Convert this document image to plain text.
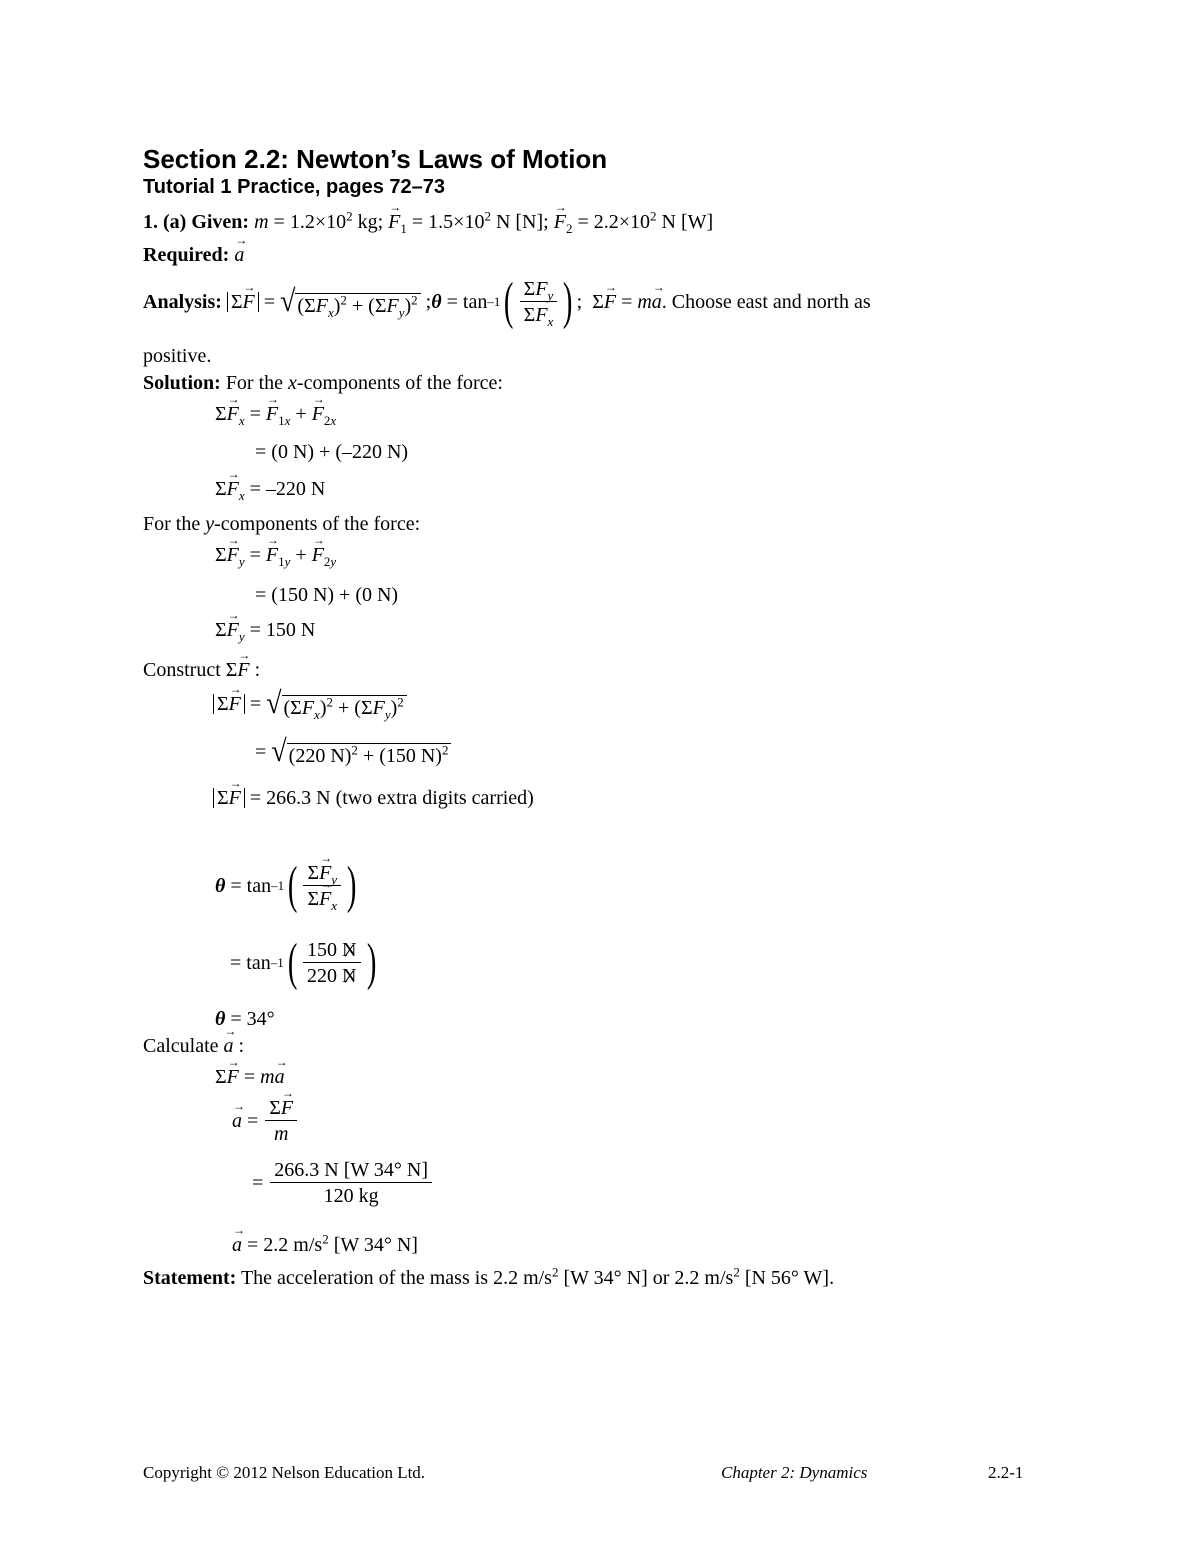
Section 2.2: Newton’s Laws of Motion
Tutorial 1 Practice, pages 72–73
1. (a) Given: $m = 1.2\times 10^2$ kg; → $F_1 = 1.5\times 10^2$ N [N]; → $F_2 = 2.2\times 10^2$ N [W]
Required: → a
Analysis:
Σ→ F = √ $(\Sigma F_x)^2 + (\Sigma F_y)^2$ ; θ = tan –1 ( $\frac{\Sigma F_y}{\Sigma F_x}$ ) ;  Σ → F = m → a . Choose east and north as
positive.
Solution: For the x-components of the force:
$\Sigma\to F_x$ = → $F_{1x}$ + → $F_{2x}$
= (0 N) + (–220 N)
$\Sigma\to F_x = -220$ N
For the y-components of the force:
$\Sigma\to F_y$ = → $F_{1y}$ + → $F_{2y}$
= (150 N) + (0 N)
$\Sigma\to F_y = 150$ N
Construct Σ→ F :
Σ→ F = √ $(\Sigma F_x)^2 + (\Sigma F_y)^2$
= √ (220 N)$^2$ + (150 N)$^2$
Σ→ F = 266.3 N (two extra digits carried)
θ = tan –1 ( $\frac{\Sigma\to F_y}{\Sigma\to F_x}$ )
= tan –1 ( $\frac{150 N}{220 N}$ )
θ = 34°
Calculate → a :
Σ→ F = m→ a
→ $a = \frac{\Sigma\to F}{m}$
= $\frac{266.3 N [W 34^\circ N]}{120 kg}$
→ a = 2.2 $m/s^2$ [W 34° N]
Statement: The acceleration of the mass is 2.2 $m/s^2$ [W 34° N] or 2.2 $m/s^2$ [N 56° W].
Copyright © 2012 Nelson Education Ltd.	Chapter 2: Dynamics	2.2-1
